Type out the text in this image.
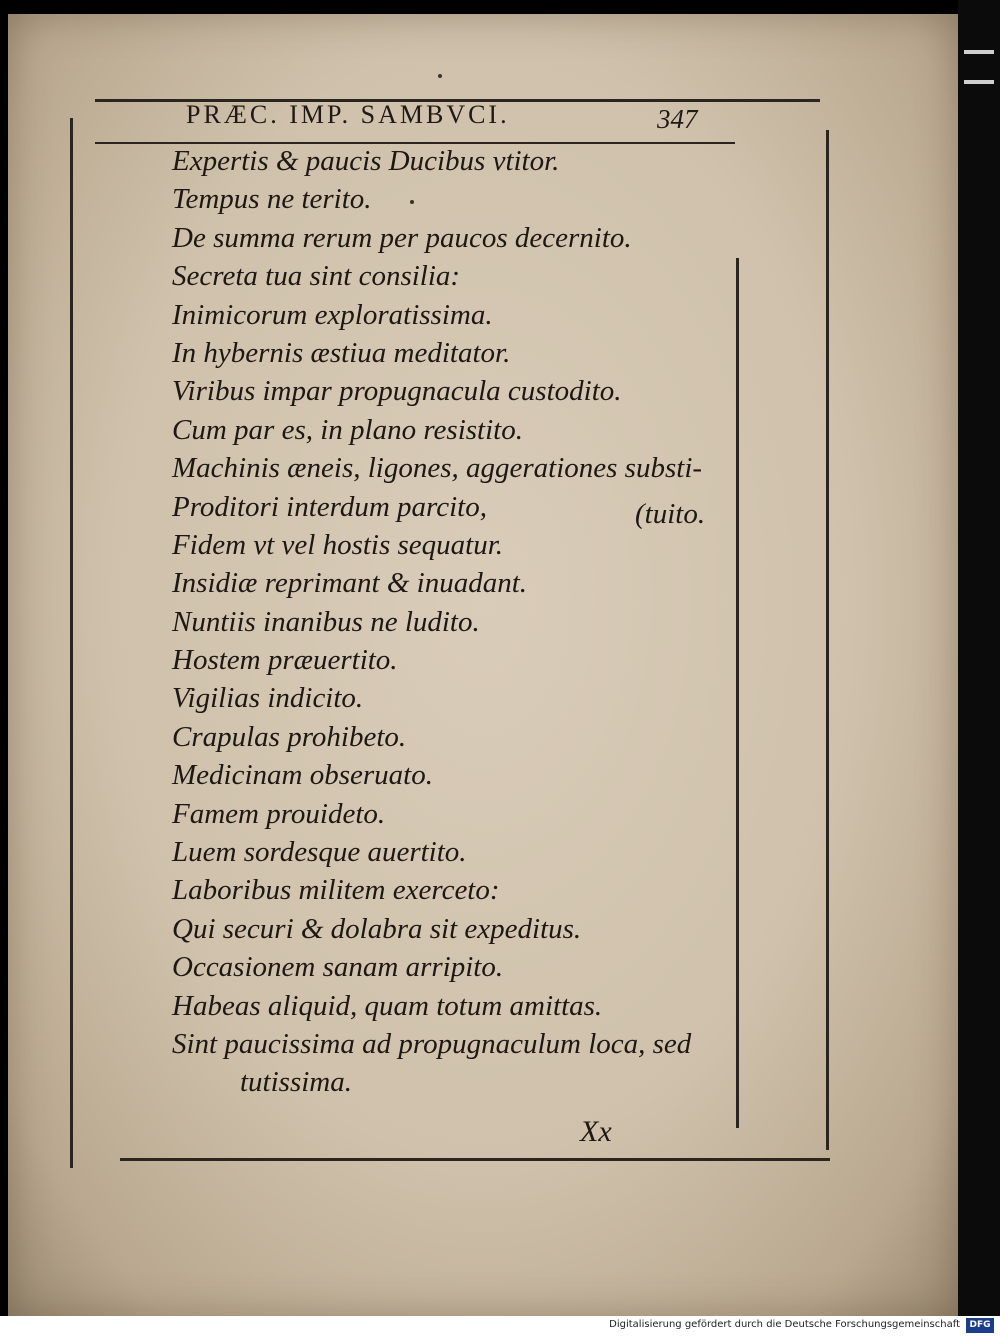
PRÆC. IMP. SAMBVCI.	347
Expertis & paucis Ducibus vtitor.
Tempus ne terito.
De summa rerum per paucos decernito.
Secreta tua sint consilia:
Inimicorum exploratissima.
In hybernis æstiua meditator.
Viribus impar propugnacula custodito.
Cum par es, in plano resistito.
Machinis æneis, ligones, aggerationes substi-
Proditori interdum parcito,
Fidem vt vel hostis sequatur.
Insidiæ reprimant & inuadant.
Nuntiis inanibus ne ludito.
Hostem præuertito.
Vigilias indicito.
Crapulas prohibeto.
Medicinam obseruato.
Famem prouideto.
Luem sordesque auertito.
Laboribus militem exerceto:
Qui securi & dolabra sit expeditus.
Occasionem sanam arripito.
Habeas aliquid, quam totum amittas.
Sint paucissima ad propugnaculum loca, sed
tutissima.
(tuito.
Xx
Digitalisierung gefördert durch die Deutsche Forschungsgemeinschaft	DFG
